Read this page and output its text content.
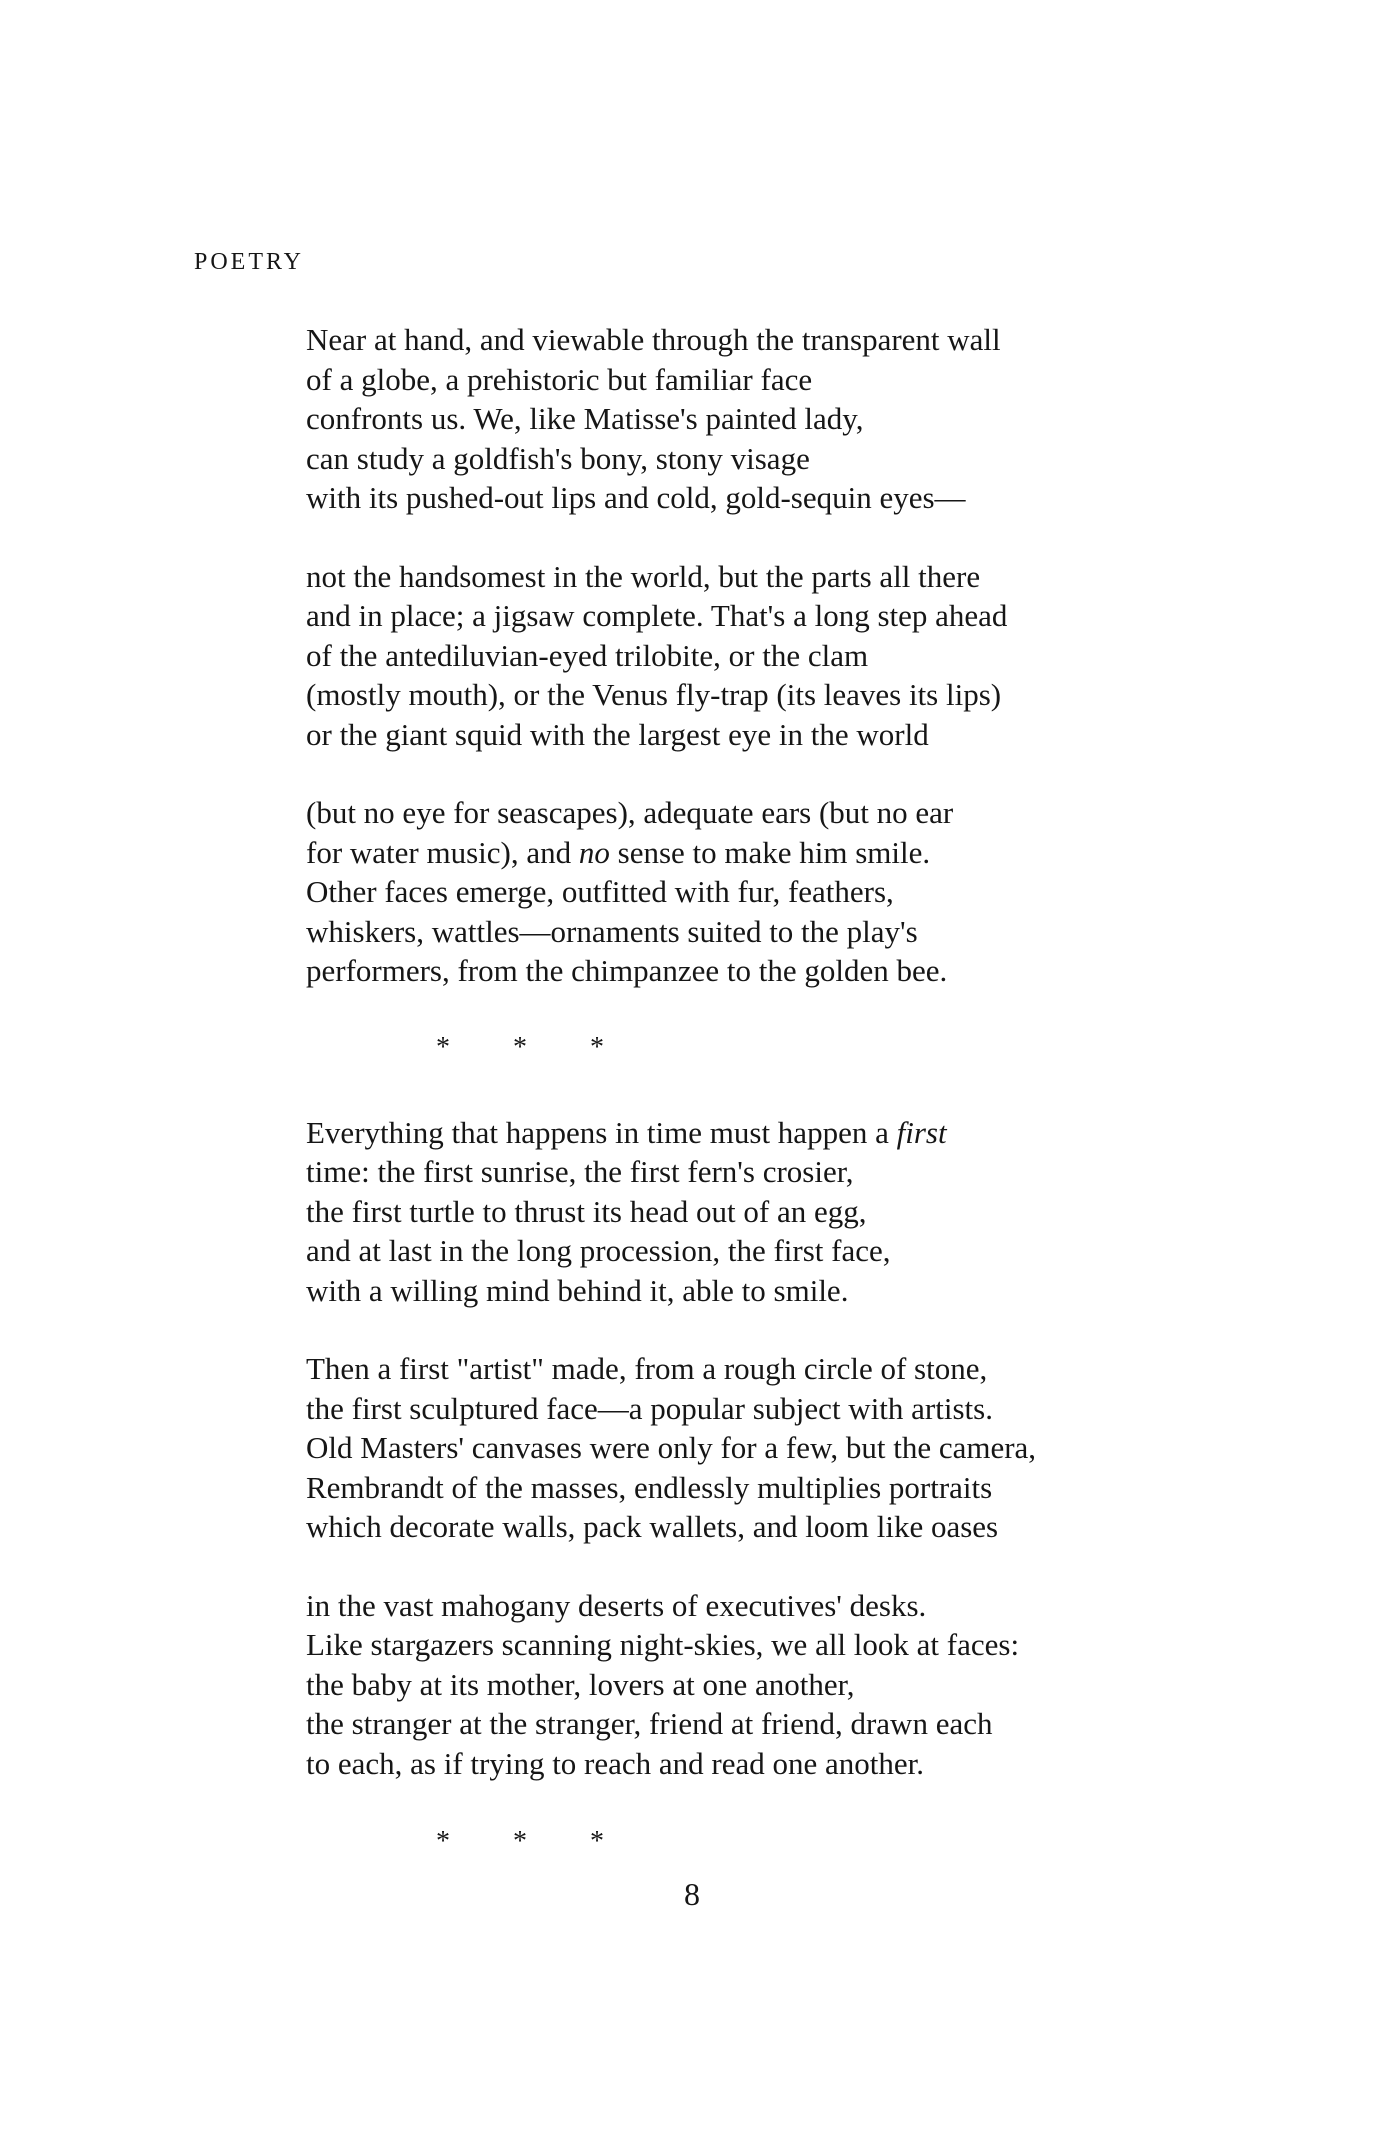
POETRY
Near at hand, and viewable through the transparent wall
of a globe, a prehistoric but familiar face
confronts us. We, like Matisse's painted lady,
can study a goldfish's bony, stony visage
with its pushed-out lips and cold, gold-sequin eyes—
not the handsomest in the world, but the parts all there
and in place; a jigsaw complete. That's a long step ahead
of the antediluvian-eyed trilobite, or the clam
(mostly mouth), or the Venus fly-trap (its leaves its lips)
or the giant squid with the largest eye in the world
(but no eye for seascapes), adequate ears (but no ear
for water music), and no sense to make him smile.
Other faces emerge, outfitted with fur, feathers,
whiskers, wattles—ornaments suited to the play's
performers, from the chimpanzee to the golden bee.
* * *
Everything that happens in time must happen a first
time: the first sunrise, the first fern's crosier,
the first turtle to thrust its head out of an egg,
and at last in the long procession, the first face,
with a willing mind behind it, able to smile.
Then a first "artist" made, from a rough circle of stone,
the first sculptured face—a popular subject with artists.
Old Masters' canvases were only for a few, but the camera,
Rembrandt of the masses, endlessly multiplies portraits
which decorate walls, pack wallets, and loom like oases
in the vast mahogany deserts of executives' desks.
Like stargazers scanning night-skies, we all look at faces:
the baby at its mother, lovers at one another,
the stranger at the stranger, friend at friend, drawn each
to each, as if trying to reach and read one another.
* * *
8
